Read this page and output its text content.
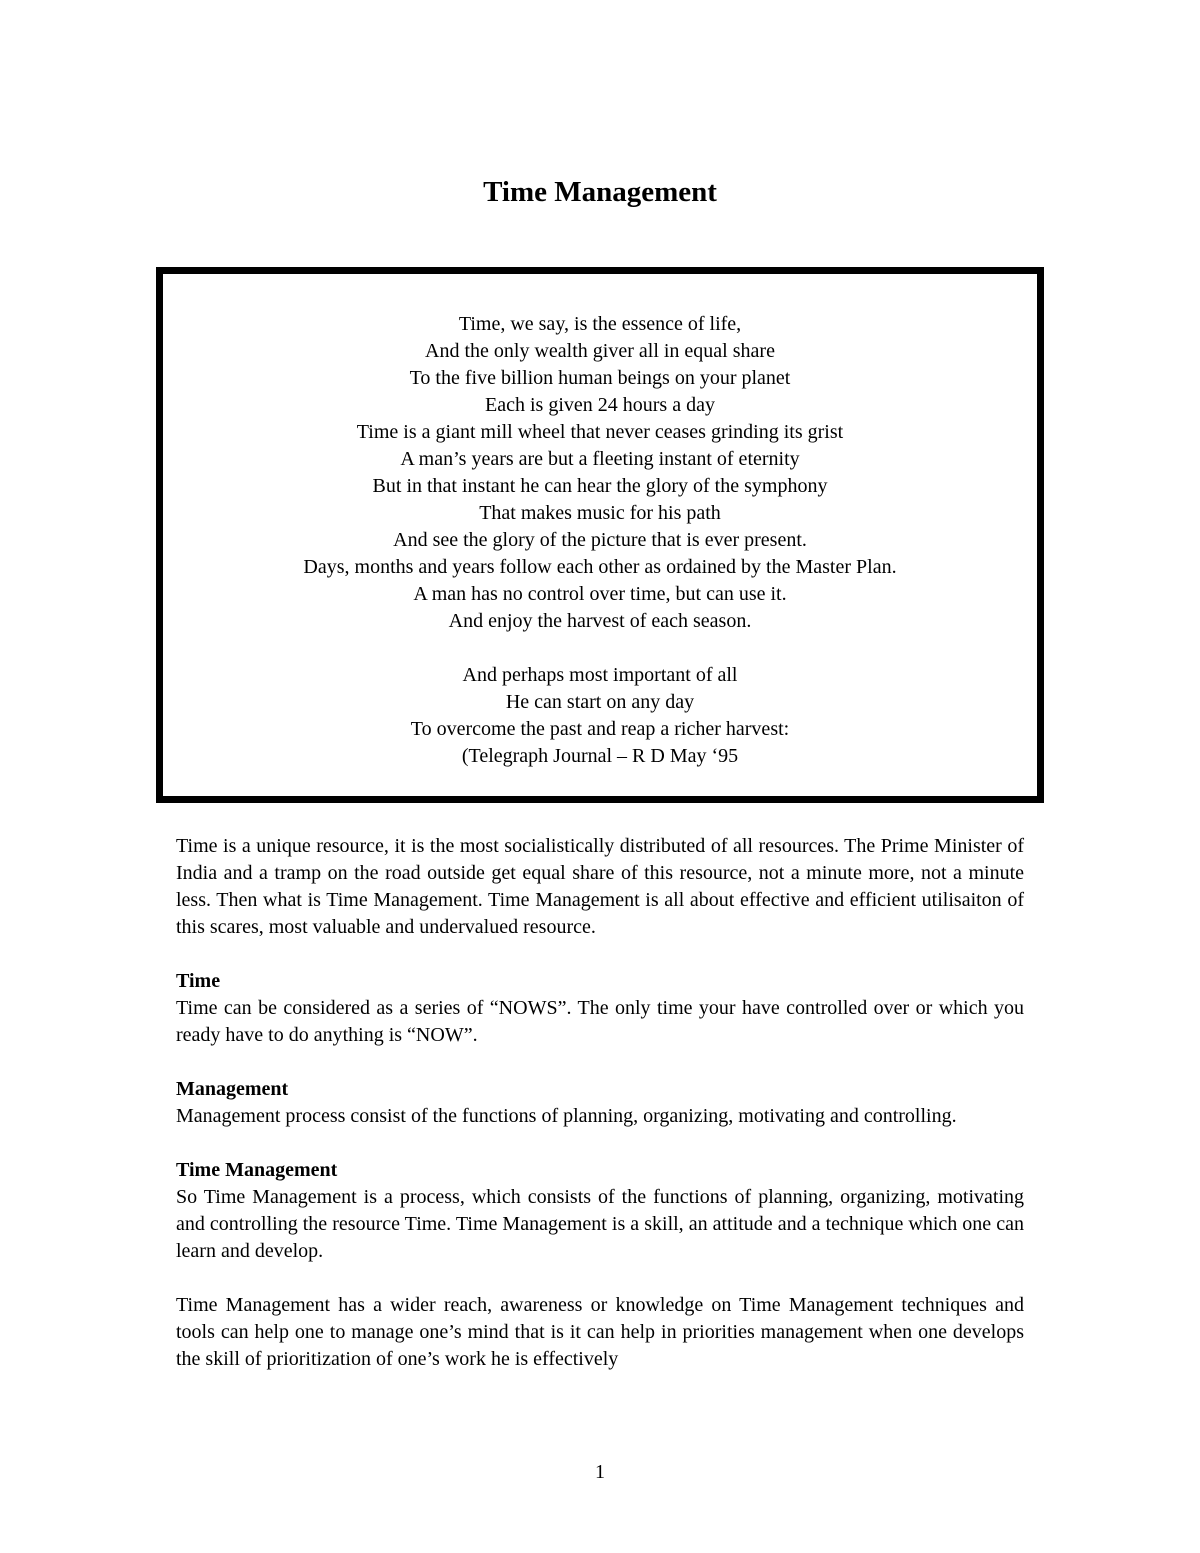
Time Management
Time, we say, is the essence of life,
And the only wealth giver all in equal share
To the five billion human beings on your planet
Each is given 24 hours a day
Time is a giant mill wheel that never ceases grinding its grist
A man’s years are but a fleeting instant of eternity
But in that instant he can hear the glory of the symphony
That makes music for his path
And see the glory of the picture that is ever present.
Days, months and years follow each other as ordained by the Master Plan.
A man has no control over time, but can use it.
And enjoy the harvest of each season.
And perhaps most important of all
He can start on any day
To overcome the past and reap a richer harvest:
(Telegraph Journal – R D May ‘95

Time is a unique resource, it is the most socialistically distributed of all resources. The Prime Minister of India and a tramp on the road outside get equal share of this resource, not a minute more, not a minute less. Then what is Time Management. Time Management is all about effective and efficient utilisaiton of this scares, most valuable and undervalued resource.

Time
Time can be considered as a series of “NOWS”. The only time your have controlled over or which you ready have to do anything is “NOW”.
Management
Management process consist of the functions of planning, organizing, motivating and controlling.
Time Management
So Time Management is a process, which consists of the functions of planning, organizing, motivating and controlling the resource Time. Time Management is a skill, an attitude and a technique which one can learn and develop.

Time Management has a wider reach, awareness or knowledge on Time Management techniques and tools can help one to manage one’s mind that is it can help in priorities management when one develops the skill of prioritization of one’s work he is effectively

1
